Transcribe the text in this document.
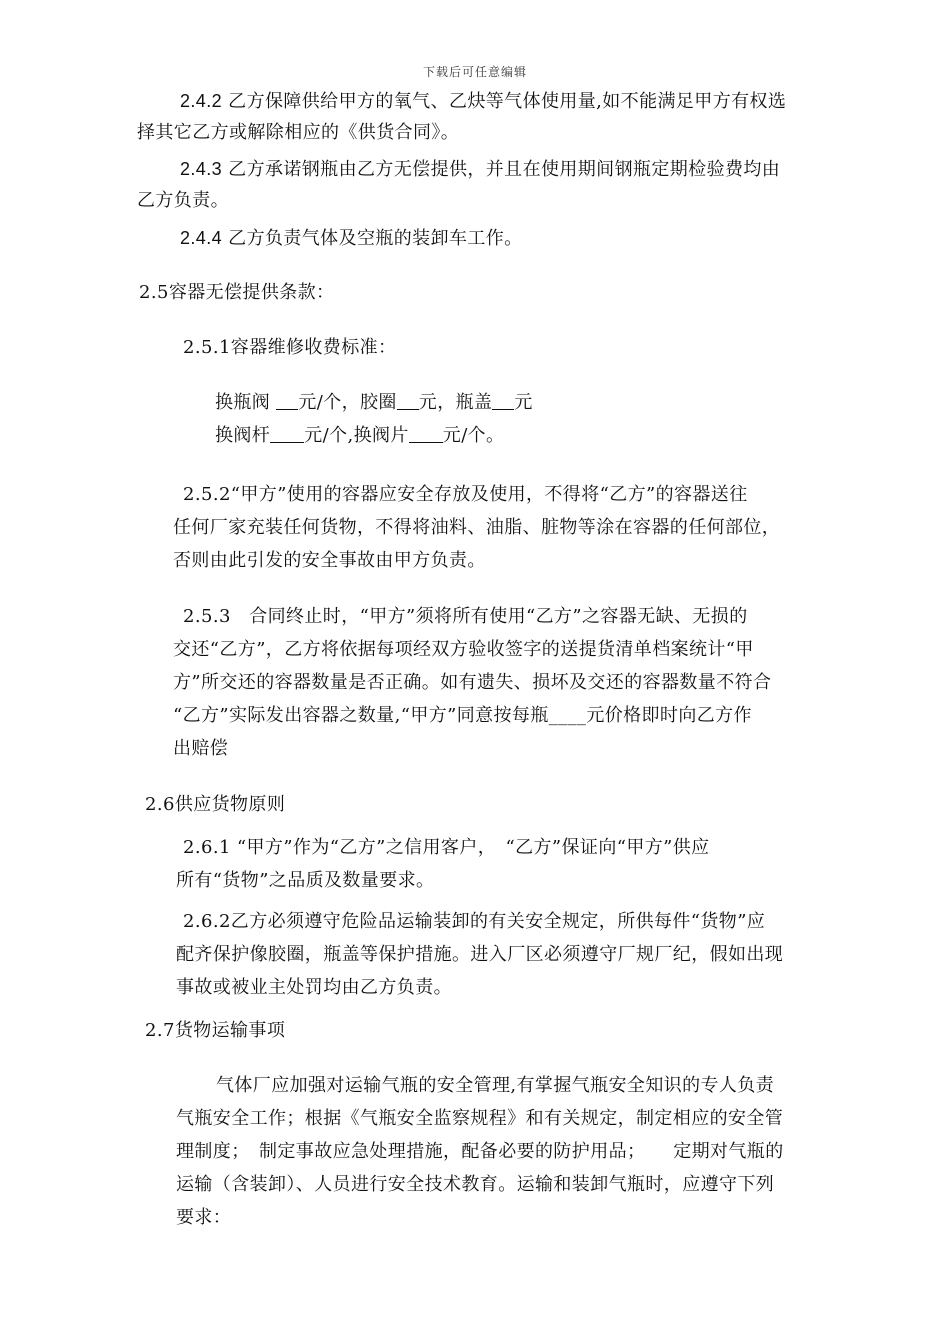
下载后可任意编辑
2.4.2 乙方保障供给甲方的氧气、乙炔等气体使用量,如不能满足甲方有权选
择其它乙方或解除相应的《供货合同》。
2.4.3 乙方承诺钢瓶由乙方无偿提供，并且在使用期间钢瓶定期检验费均由
乙方负责。
2.4.4 乙方负责气体及空瓶的装卸车工作。
2.5容器无偿提供条款：
2.5.1容器维修收费标准：
换瓶阀 元/个，胶圈 元，瓶盖 元
换阀杆 元/个,换阀片 元/个。
2.5.2“甲方”使用的容器应安全存放及使用，不得将“乙方”的容器送往
任何厂家充装任何货物，不得将油料、油脂、脏物等涂在容器的任何部位，
否则由此引发的安全事故由甲方负责。
2.5.3　合同终止时，“甲方”须将所有使用“乙方”之容器无缺、无损的
交还“乙方”，乙方将依据每项经双方验收签字的送提货清单档案统计“甲
方”所交还的容器数量是否正确。如有遗失、损坏及交还的容器数量不符合
“乙方”实际发出容器之数量,“甲方”同意按每瓶____元价格即时向乙方作
出赔偿
2.6供应货物原则
2.6.1 “甲方”作为“乙方”之信用客户，　“乙方”保证向“甲方”供应
所有“货物”之品质及数量要求。
2.6.2乙方必须遵守危险品运输装卸的有关安全规定，所供每件“货物”应
配齐保护像胶圈，瓶盖等保护措施。进入厂区必须遵守厂规厂纪，假如出现
事故或被业主处罚均由乙方负责。
2.7货物运输事项
气体厂应加强对运输气瓶的安全管理,有掌握气瓶安全知识的专人负责
气瓶安全工作；根据《气瓶安全监察规程》和有关规定，制定相应的安全管
理制度；　制定事故应急处理措施，配备必要的防护用品；　　定期对气瓶的
运输（含装卸）、人员进行安全技术教育。运输和装卸气瓶时，应遵守下列
要求：
